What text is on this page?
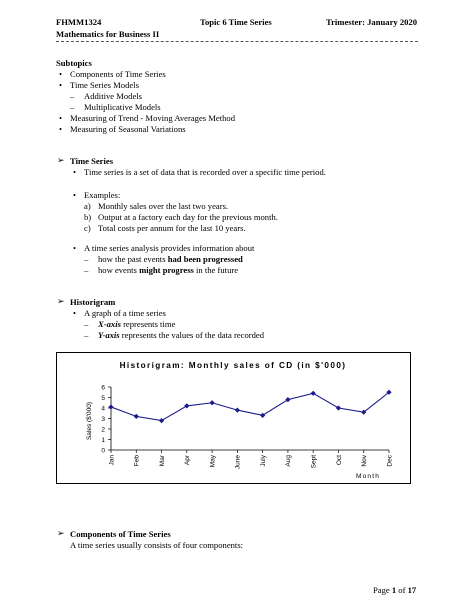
FHMM1324	Topic 6 Time Series	Trimester: January 2020
Mathematics for Business II
Subtopics
• Components of Time Series
• Time Series Models
– Additive Models
– Multiplicative Models
• Measuring of Trend - Moving Averages Method
• Measuring of Seasonal Variations
➢ Time Series
• Time series is a set of data that is recorded over a specific time period.
• Examples:
a) Monthly sales over the last two years.
b) Output at a factory each day for the previous month.
c) Total costs per annum for the last 10 years.
• A time series analysis provides information about
– how the past events had been progressed
– how events might progress in the future
➢ Historigram
• A graph of a time series
– X-axis represents time
– Y-axis represents the values of the data recorded
Historigram: Monthly sales of CD (in $'000)
Sales ($'000)
Month
0
1
2
3
4
5
6
Jan	Feb	Mar	Apr	May	June	July	Aug	Sept	Oct	Nov	Dec
➢ Components of Time Series
A time series usually consists of four components:
Page 1 of 17
